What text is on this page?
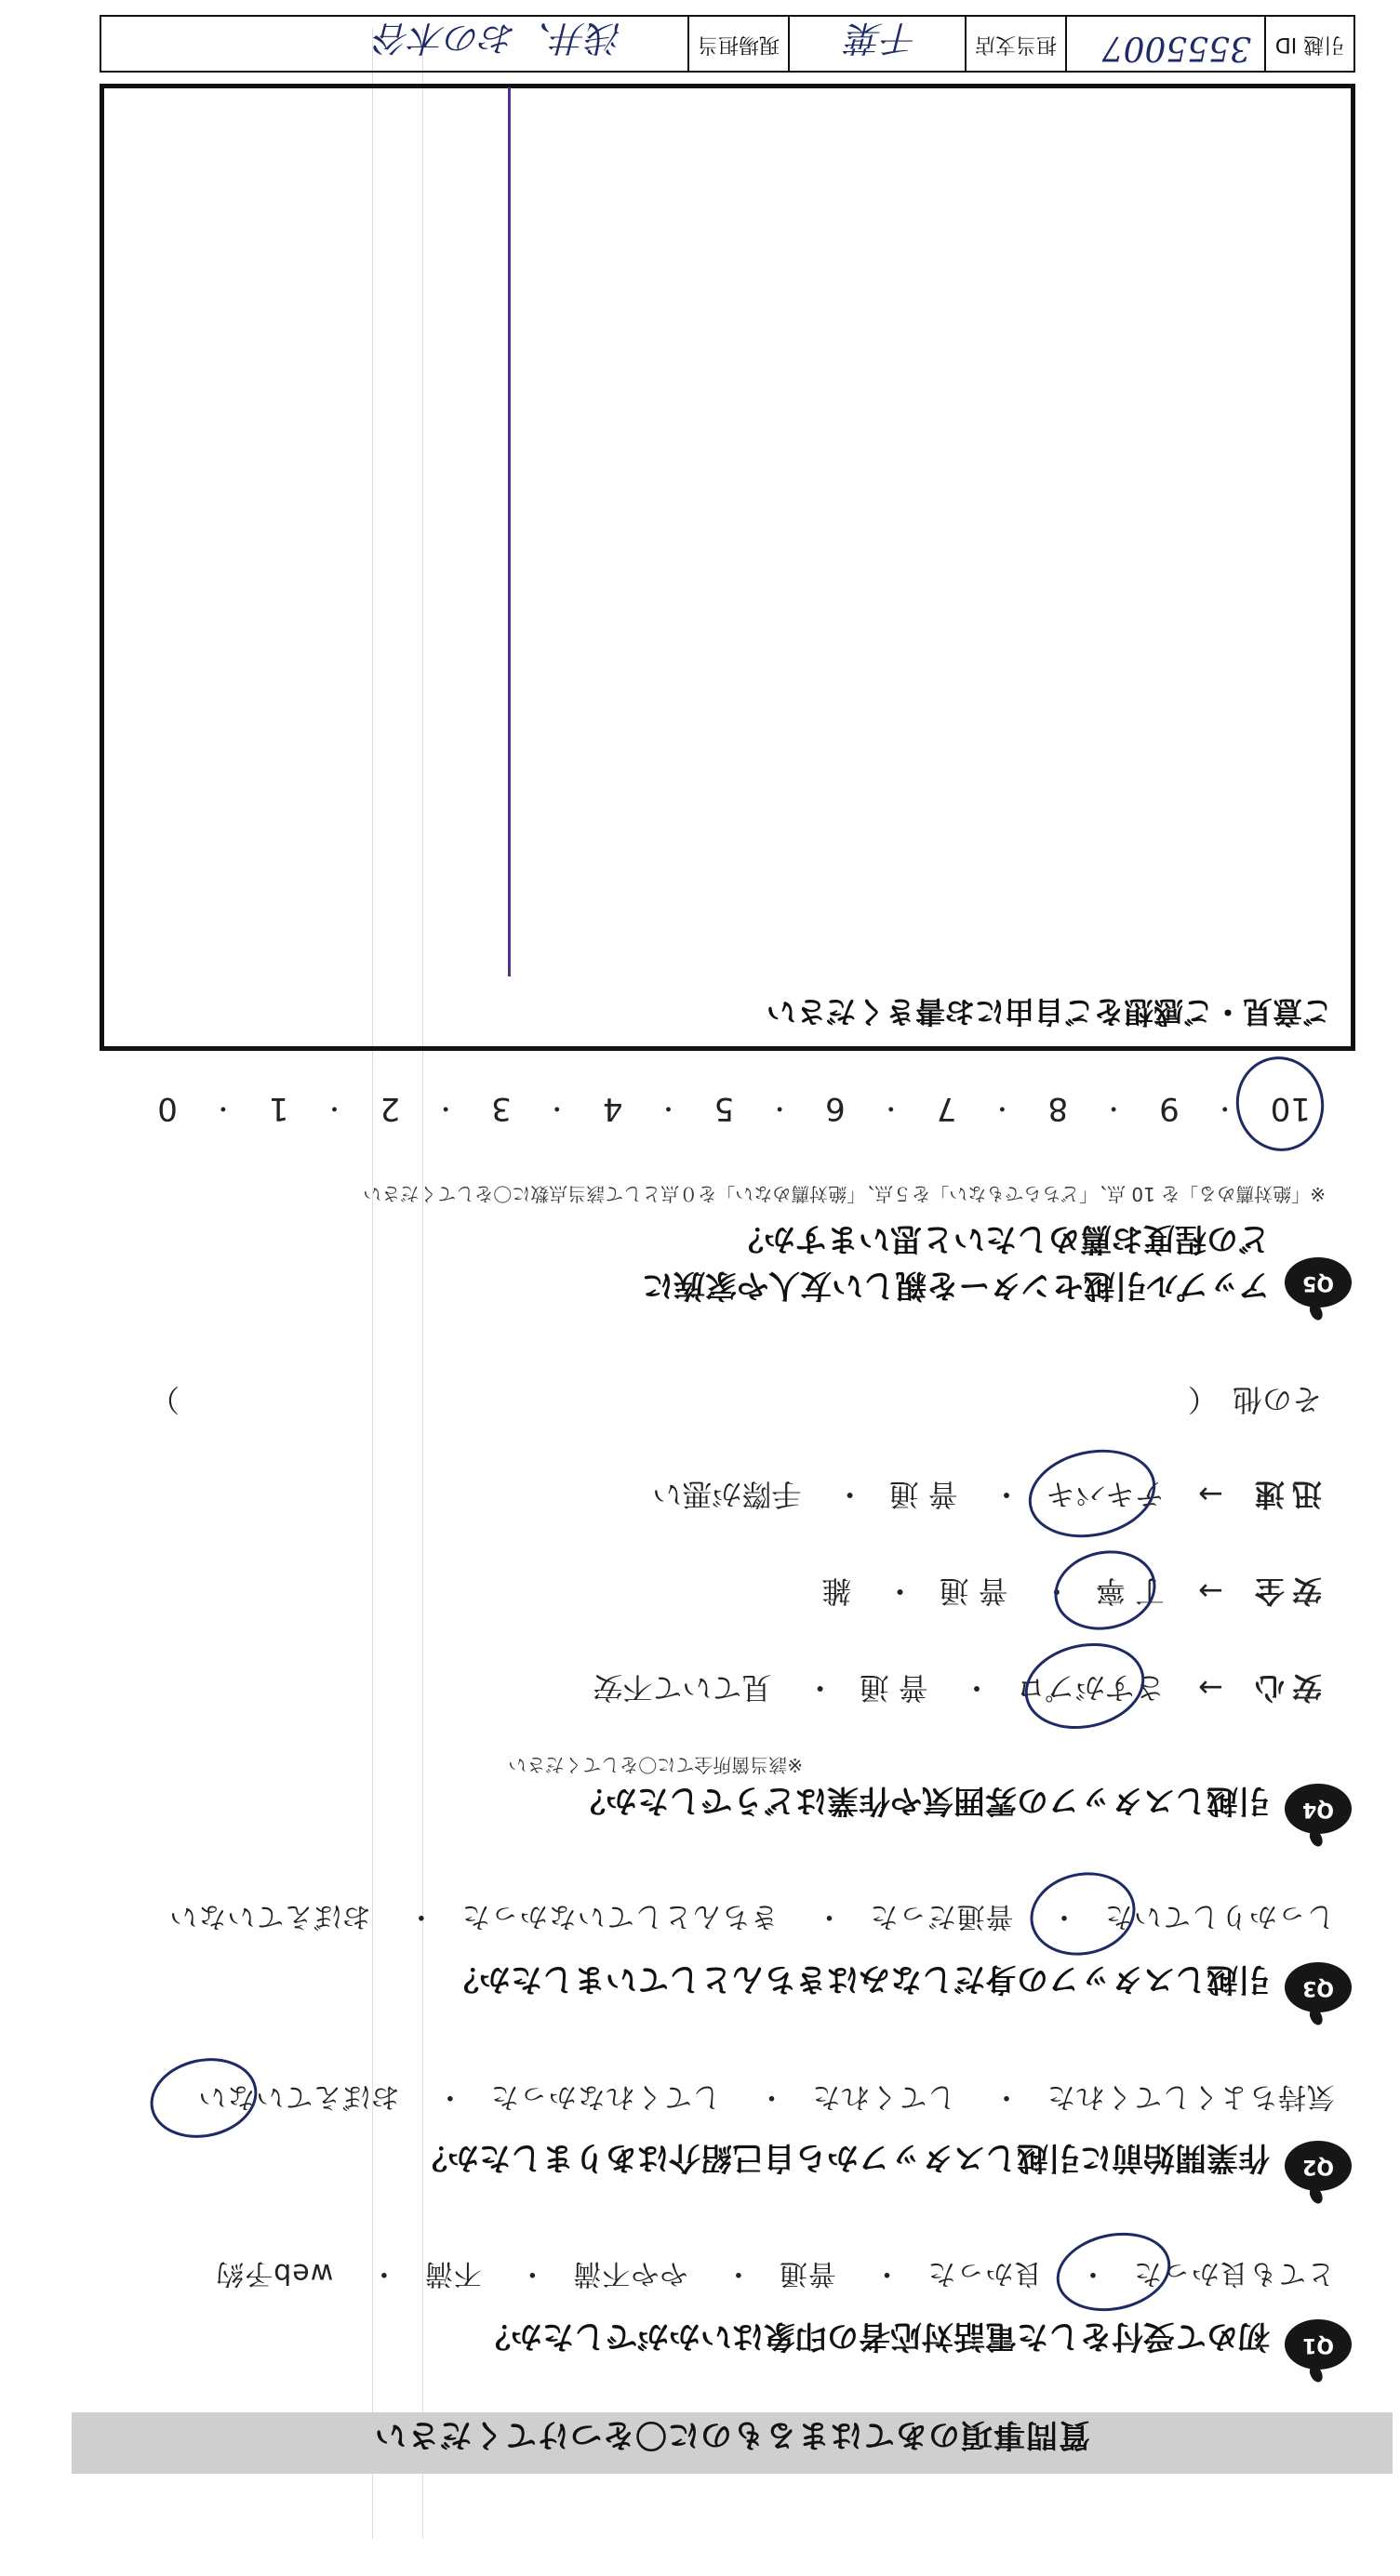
質問事項のあてはまるものに〇をつけてください
Q1
初めて受付をした電話対応者の印象はいかがでしたか？
とても良かった・ 良かった・ 普通・ やや不満・ 不満・ web予約
Q2
作業開始前に引越しスタッフから自己紹介はありましたか？
気持ちよくしてくれた・ してくれた・ してくれなかった・ おぼえていない
Q3
引越しスタッフの身だしなみはきちんとしていましたか？
しっかりしていた・ 普通だった・ きちんとしていなかった・ おぼえていない
Q4
引越しスタッフの雰囲気や作業はどうでしたか？
※該当箇所全てに〇をしてください
安心→ さすがプロ・ 普 通・ 見ていて不安
安全→ 丁 寧・ 普 通・ 雑
迅速→ テキパキ・ 普 通・ 手際が悪い
その他　（
）
Q5
アップル引越センターを親しい友人や家族に
どの程度お薦めしたいと思いますか？
※「絶対薦める」を 10 点、「どちらでもない」を５点、「絶対薦めない」を０点として該当点数に〇をしてください
10
・
9
・
8
・
7
・
6
・
5
・
4
・
3
・
2
・
1
・
0
ご意見・ご感想をご自由にお書きください
引越 ID
3555007
担当支店
千葉
現場担当
浅井、おの木谷
